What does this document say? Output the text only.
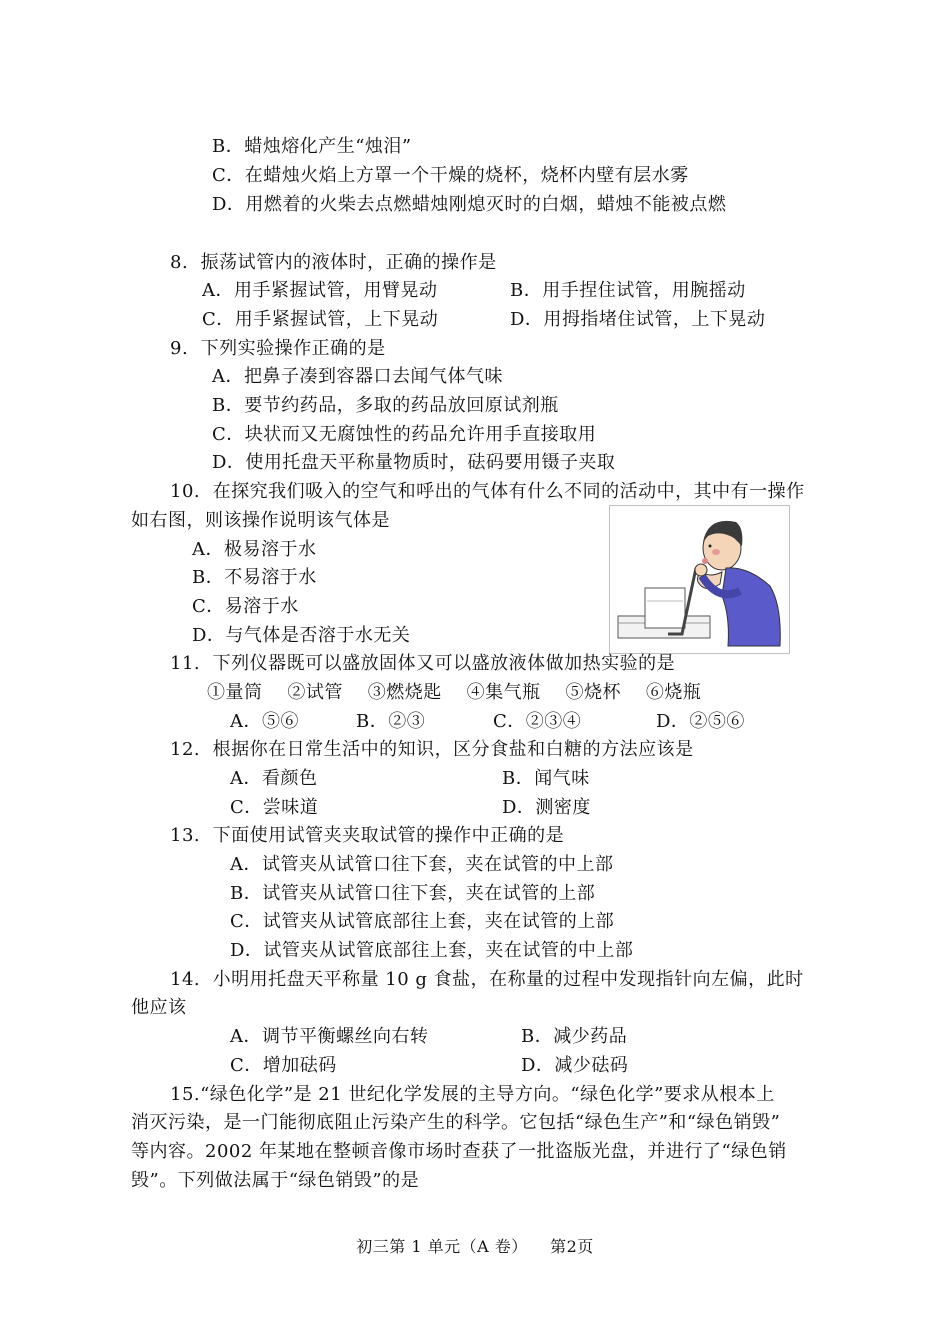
B．蜡烛熔化产生“烛泪”
C．在蜡烛火焰上方罩一个干燥的烧杯，烧杯内壁有层水雾
D．用燃着的火柴去点燃蜡烛刚熄灭时的白烟，蜡烛不能被点燃
8.  振荡试管内的液体时，正确的操作是
A．用手紧握试管，用臂晃动	B．用手捏住试管，用腕摇动
C．用手紧握试管，上下晃动	D．用拇指堵住试管，上下晃动
9.  下列实验操作正确的是
A．把鼻子凑到容器口去闻气体气味
B．要节约药品，多取的药品放回原试剂瓶
C．块状而又无腐蚀性的药品允许用手直接取用
D．使用托盘天平称量物质时，砝码要用镊子夹取
10.  在探究我们吸入的空气和呼出的气体有什么不同的活动中，其中有一操作
如右图，则该操作说明该气体是
A．极易溶于水
B．不易溶于水
C．易溶于水
D．与气体是否溶于水无关
11.  下列仪器既可以盛放固体又可以盛放液体做加热实验的是
①量筒    ②试管    ③燃烧匙    ④集气瓶    ⑤烧杯    ⑥烧瓶
A．⑤⑥	B．②③	C．②③④	D．②⑤⑥
12.  根据你在日常生活中的知识，区分食盐和白糖的方法应该是
A．看颜色	B．闻气味
C．尝味道	D．测密度
13.  下面使用试管夹夹取试管的操作中正确的是
A．试管夹从试管口往下套，夹在试管的中上部
B．试管夹从试管口往下套，夹在试管的上部
C．试管夹从试管底部往上套，夹在试管的上部
D．试管夹从试管底部往上套，夹在试管的中上部
14.  小明用托盘天平称量 10 g 食盐，在称量的过程中发现指针向左偏，此时
他应该
A．调节平衡螺丝向右转	B．减少药品
C．增加砝码	D．减少砝码
15.“绿色化学”是 21 世纪化学发展的主导方向。“绿色化学”要求从根本上
消灭污染，是一门能彻底阻止污染产生的科学。它包括“绿色生产”和“绿色销毁”
等内容。2002 年某地在整顿音像市场时查获了一批盗版光盘，并进行了“绿色销
毁”。下列做法属于“绿色销毁”的是
初三第 1 单元（A 卷）    第2页
